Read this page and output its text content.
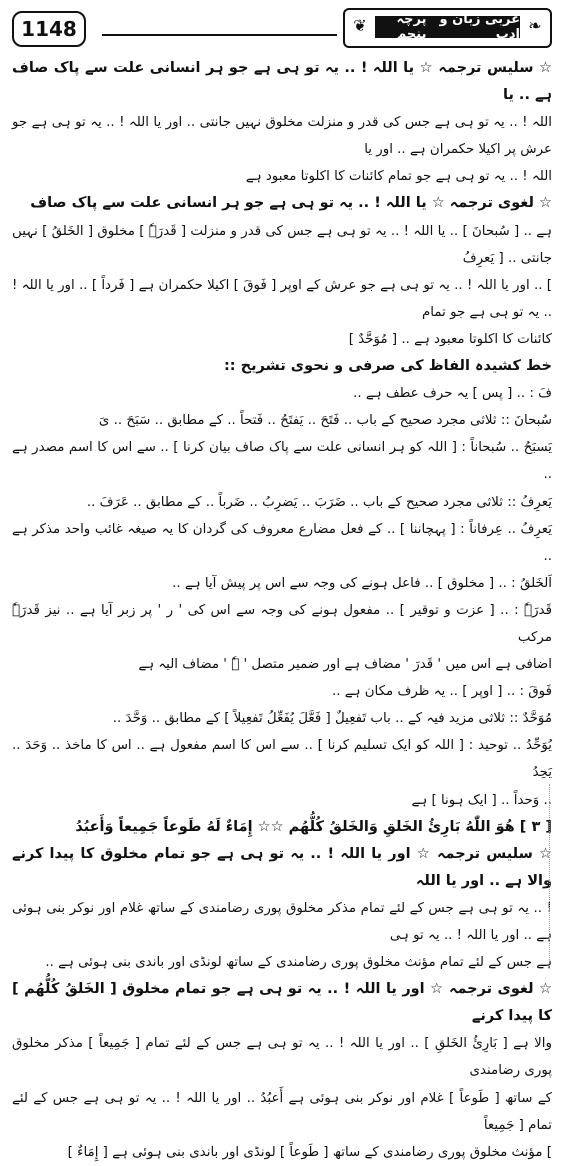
1148	❦	عربی زبان و ادب
پرچہ پنجم	❧

☆ سلیس ترجمہ ☆ یا اللہ ! .. یہ تو ہی ہے جو ہر انسانی علت سے پاک صاف ہے .. یا

اللہ ! .. یہ تو ہی ہے جس کی قدر و منزلت مخلوق نہیں جانتی .. اور یا اللہ ! .. یہ تو ہی ہے جو عرش پر اکیلا حکمران ہے .. اور یا

اللہ ! .. یہ تو ہی ہے جو تمام کائنات کا اکلوتا معبود ہے

☆ لغوی ترجمہ ☆ یا اللہ ! .. یہ تو ہی ہے جو ہر انسانی علت سے پاک صاف

ہے .. [ سُبحانَ ] .. یا اللہ ! .. یہ تو ہی ہے جس کی قدر و منزلت [ قَدرَہٗ ] مخلوق [ الخَلقُ ] نہیں جانتی .. [ یَعرِفُ

] .. اور یا اللہ ! .. یہ تو ہی ہے جو عرش کے اوپر [ فَوقَ ] اکیلا حکمران ہے [ فَرداً ] .. اور یا اللہ ! .. یہ تو ہی ہے جو تمام

کائنات کا اکلوتا معبود ہے .. [ مُوَحَّدٌ ]

خط کشیدہ الفاظ کی صرفی و نحوی تشریح ::

فَ : .. [ پس ] یہ حرف عطف ہے ..

سُبحانَ :: ثلاثی مجرد صحیح کے باب .. فَتَحَ .. یَفتَحُ .. فَتحاً .. کے مطابق .. سَبَحَ .. یَ

یَسبَحُ .. سُبحاناً : [ اللہ کو ہر انسانی علت سے پاک صاف بیان کرنا ] .. سے اس کا اسم مصدر ہے ..

یَعرِفُ :: ثلاثی مجرد صحیح کے باب .. ضَرَبَ .. یَضرِبُ .. ضَرباً .. کے مطابق .. عَرَفَ ..

یَعرِفُ .. عِرفاناً : [ پہچاننا ] .. کے فعل مضارع معروف کی گردان کا یہ صیغہ غائب واحد مذکر ہے ..

اَلخَلقُ : .. [ مخلوق ] .. فاعل ہونے کی وجہ سے اس پر پیش آیا ہے ..

قَدرَہٗ : .. [ عزت و توقیر ] .. مفعول ہونے کی وجہ سے اس کی ' ر ' پر زبر آیا ہے .. نیز قَدرَہٗ مرکب

اضافی ہے اس میں ' قَدرَ ' مضاف ہے اور ضمیر متصل ' ہٗ ' مضاف الیہ ہے

فَوقَ : .. [ اوپر ] .. یہ ظرف مکان ہے ..

مُوَحَّدٌ :: ثلاثی مزید فیہ کے .. باب تَفعِیلٌ [ فَعَّلَ یُفَعِّلُ تَفعِیلاً ] کے مطابق .. وَحَّدَ ..

یُوَحِّدُ .. توحید : [ اللہ کو ایک تسلیم کرنا ] .. سے اس کا اسم مفعول ہے .. اس کا ماخذ .. وَحَدَ .. یَحِدُ

.. وَحداً .. [ ایک ہونا ] ہے

[ ۳ ] هُوَ اللّٰهُ بَارِئُ الخَلقِ وَالخَلقُ كُلُّهُم ☆☆ إِمَاءٌ لَهُ طَوعاً جَمِيعاً وَأَعبُدُ

☆ سلیس ترجمہ ☆ اور یا اللہ ! .. یہ تو ہی ہے جو تمام مخلوق کا پیدا کرنے والا ہے .. اور یا اللہ

! .. یہ تو ہی ہے جس کے لئے تمام مذکر مخلوق پوری رضامندی کے ساتھ غلام اور نوکر بنی ہوئی ہے .. اور یا اللہ ! .. یہ تو ہی

ہے جس کے لئے تمام مؤنث مخلوق پوری رضامندی کے ساتھ لونڈی اور باندی بنی ہوئی ہے ..

☆ لغوی ترجمہ ☆ اور یا اللہ ! .. یہ تو ہی ہے جو تمام مخلوق [ الخَلقُ كُلُّهُم ] کا پیدا کرنے

والا ہے [ بَارِئُ الخَلقِ ] .. اور یا اللہ ! .. یہ تو ہی ہے جس کے لئے تمام [ جَمِيعاً ] مذکر مخلوق پوری رضامندی

کے ساتھ [ طَوعاً ] غلام اور نوکر بنی ہوئی ہے أَعبُدُ .. اور یا اللہ ! .. یہ تو ہی ہے جس کے لئے تمام [ جَمِيعاً

] مؤنث مخلوق پوری رضامندی کے ساتھ [ طَوعاً ] لونڈی اور باندی بنی ہوئی ہے [ إِمَاءٌ ]
